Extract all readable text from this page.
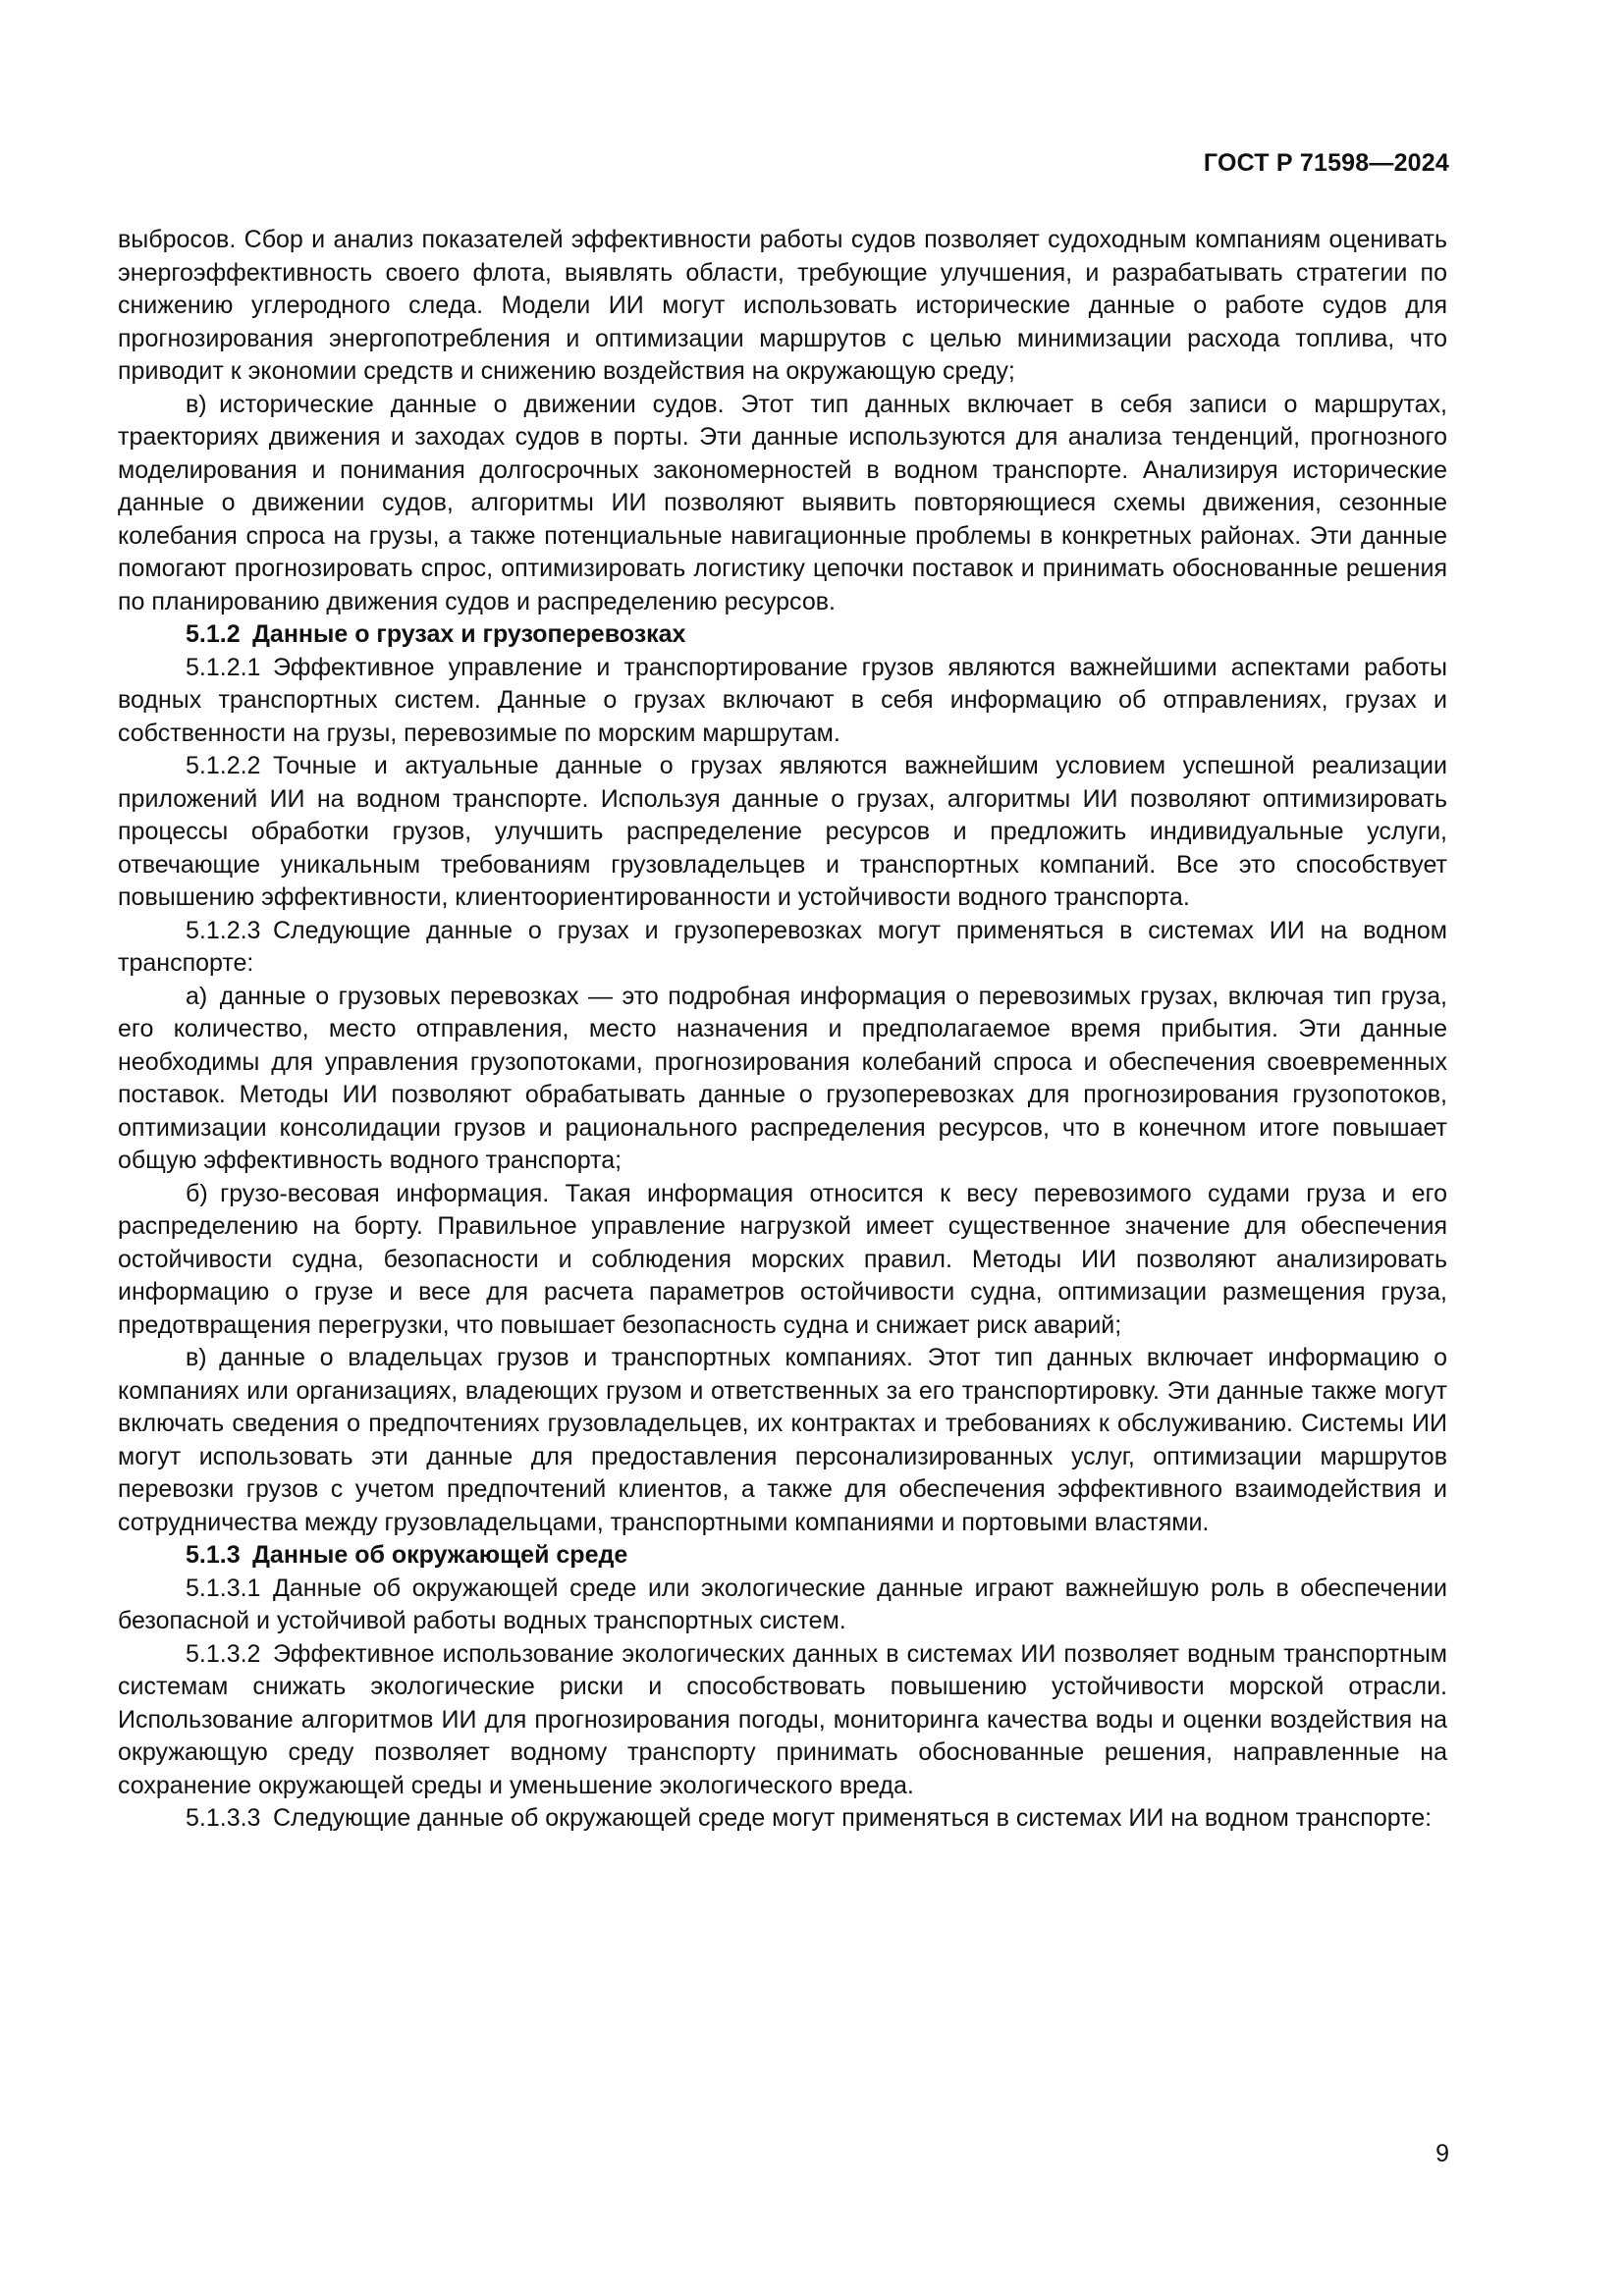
ГОСТ Р 71598—2024

выбросов. Сбор и анализ показателей эффективности работы судов позволяет судоходным компаниям оценивать энергоэффективность своего флота, выявлять области, требующие улучшения, и разрабатывать стратегии по снижению углеродного следа. Модели ИИ могут использовать исторические данные о работе судов для прогнозирования энергопотребления и оптимизации маршрутов с целью минимизации расхода топлива, что приводит к экономии средств и снижению воздействия на окружающую среду;

в) исторические данные о движении судов. Этот тип данных включает в себя записи о маршрутах, траекториях движения и заходах судов в порты. Эти данные используются для анализа тенденций, прогнозного моделирования и понимания долгосрочных закономерностей в водном транспорте. Анализируя исторические данные о движении судов, алгоритмы ИИ позволяют выявить повторяющиеся схемы движения, сезонные колебания спроса на грузы, а также потенциальные навигационные проблемы в конкретных районах. Эти данные помогают прогнозировать спрос, оптимизировать логистику цепочки поставок и принимать обоснованные решения по планированию движения судов и распределению ресурсов.

5.1.2 Данные о грузах и грузоперевозках

5.1.2.1 Эффективное управление и транспортирование грузов являются важнейшими аспектами работы водных транспортных систем. Данные о грузах включают в себя информацию об отправлениях, грузах и собственности на грузы, перевозимые по морским маршрутам.

5.1.2.2 Точные и актуальные данные о грузах являются важнейшим условием успешной реализации приложений ИИ на водном транспорте. Используя данные о грузах, алгоритмы ИИ позволяют оптимизировать процессы обработки грузов, улучшить распределение ресурсов и предложить индивидуальные услуги, отвечающие уникальным требованиям грузовладельцев и транспортных компаний. Все это способствует повышению эффективности, клиентоориентированности и устойчивости водного транспорта.

5.1.2.3 Следующие данные о грузах и грузоперевозках могут применяться в системах ИИ на водном транспорте:

а) данные о грузовых перевозках — это подробная информация о перевозимых грузах, включая тип груза, его количество, место отправления, место назначения и предполагаемое время прибытия. Эти данные необходимы для управления грузопотоками, прогнозирования колебаний спроса и обеспечения своевременных поставок. Методы ИИ позволяют обрабатывать данные о грузоперевозках для прогнозирования грузопотоков, оптимизации консолидации грузов и рационального распределения ресурсов, что в конечном итоге повышает общую эффективность водного транспорта;

б) грузо-весовая информация. Такая информация относится к весу перевозимого судами груза и его распределению на борту. Правильное управление нагрузкой имеет существенное значение для обеспечения остойчивости судна, безопасности и соблюдения морских правил. Методы ИИ позволяют анализировать информацию о грузе и весе для расчета параметров остойчивости судна, оптимизации размещения груза, предотвращения перегрузки, что повышает безопасность судна и снижает риск аварий;

в) данные о владельцах грузов и транспортных компаниях. Этот тип данных включает информацию о компаниях или организациях, владеющих грузом и ответственных за его транспортировку. Эти данные также могут включать сведения о предпочтениях грузовладельцев, их контрактах и требованиях к обслуживанию. Системы ИИ могут использовать эти данные для предоставления персонализированных услуг, оптимизации маршрутов перевозки грузов с учетом предпочтений клиентов, а также для обеспечения эффективного взаимодействия и сотрудничества между грузовладельцами, транспортными компаниями и портовыми властями.

5.1.3 Данные об окружающей среде

5.1.3.1 Данные об окружающей среде или экологические данные играют важнейшую роль в обеспечении безопасной и устойчивой работы водных транспортных систем.

5.1.3.2 Эффективное использование экологических данных в системах ИИ позволяет водным транспортным системам снижать экологические риски и способствовать повышению устойчивости морской отрасли. Использование алгоритмов ИИ для прогнозирования погоды, мониторинга качества воды и оценки воздействия на окружающую среду позволяет водному транспорту принимать обоснованные решения, направленные на сохранение окружающей среды и уменьшение экологического вреда.

5.1.3.3 Следующие данные об окружающей среде могут применяться в системах ИИ на водном транспорте:

9
